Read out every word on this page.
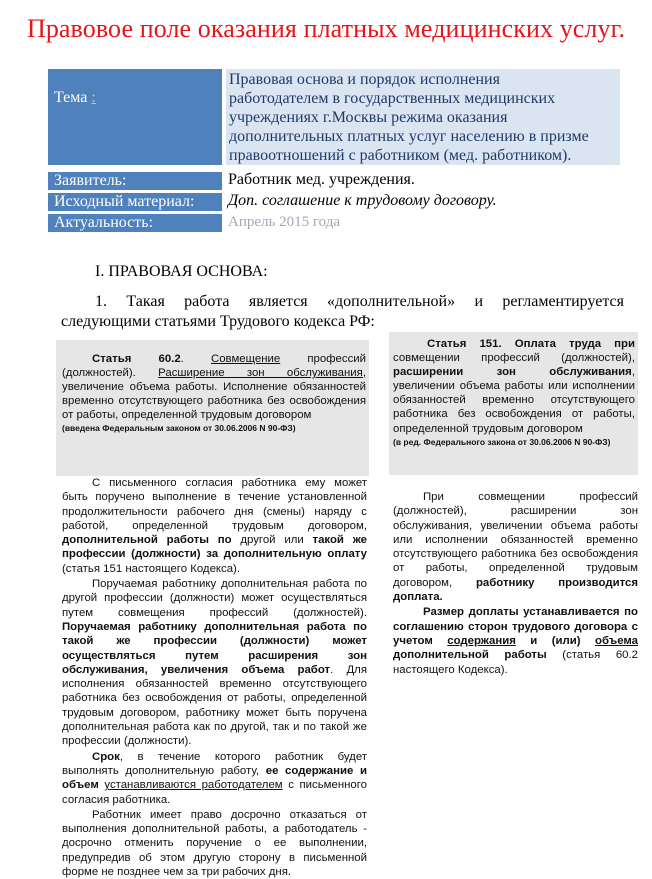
Правовое поле оказания платных медицинских услуг.
Тема :
Правовая основа и порядок исполнения
работодателем в государственных медицинских
учреждениях г.Москвы режима оказания
дополнительных платных услуг населению в призме
правоотношений с работником (мед. работником).
Заявитель:	Работник мед. учреждения.
Исходный материал:	Доп. соглашение к трудовому договору.
Актуальность:	Апрель 2015 года
I. ПРАВОВАЯ ОСНОВА:
1. Такая работа является «дополнительной» и регламентируется следующими статьями Трудового кодекса РФ:

Статья 60.2. Совмещение профессий (должностей). Расширение зон обслуживания, увеличение объема работы. Исполнение обязанностей временно отсутствующего работника без освобождения от работы, определенной трудовым договором

(введена Федеральным законом от 30.06.2006 N 90-ФЗ)

Статья 151. Оплата труда при совмещении профессий (должностей), расширении зон обслуживания, увеличении объема работы или исполнении обязанностей временно отсутствующего работника без освобождения от работы, определенной трудовым договором

(в ред. Федерального закона от 30.06.2006 N 90-ФЗ)

С письменного согласия работника ему может быть поручено выполнение в течение установленной продолжительности рабочего дня (смены) наряду с работой, определенной трудовым договором, дополнительной работы по другой или такой же профессии (должности) за дополнительную оплату (статья 151 настоящего Кодекса).

Поручаемая работнику дополнительная работа по другой профессии (должности) может осуществляться путем совмещения профессий (должностей). Поручаемая работнику дополнительная работа по такой же профессии (должности) может осуществляться путем расширения зон обслуживания, увеличения объема работ. Для исполнения обязанностей временно отсутствующего работника без освобождения от работы, определенной трудовым договором, работнику может быть поручена дополнительная работа как по другой, так и по такой же профессии (должности).

Срок, в течение которого работник будет выполнять дополнительную работу, ее содержание и объем устанавливаются работодателем с письменного согласия работника.

Работник имеет право досрочно отказаться от выполнения дополнительной работы, а работодатель - досрочно отменить поручение о ее выполнении, предупредив об этом другую сторону в письменной форме не позднее чем за три рабочих дня.

При совмещении профессий (должностей), расширении зон обслуживания, увеличении объема работы или исполнении обязанностей временно отсутствующего работника без освобождения от работы, определенной трудовым договором, работнику производится доплата.

Размер доплаты устанавливается по соглашению сторон трудового договора с учетом содержания и (или) объема дополнительной работы (статья 60.2 настоящего Кодекса).
